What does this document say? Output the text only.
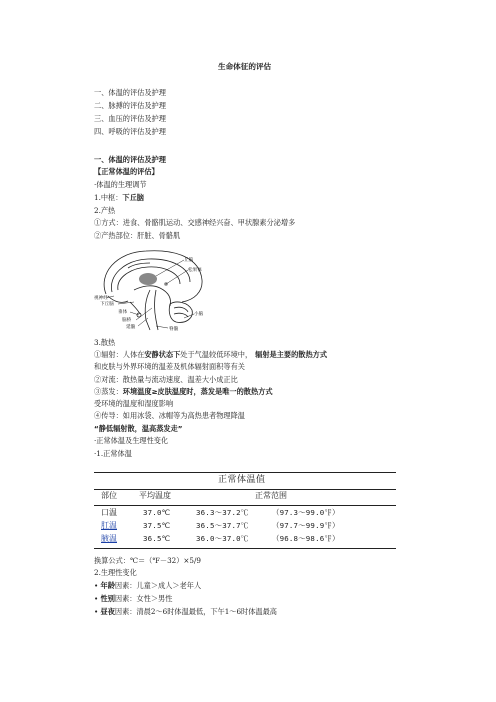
生命体征的评估
一、体温的评估及护理
二、脉搏的评估及护理
三、血压的评估及护理
四、呼吸的评估及护理
一、体温的评估及护理
【正常体温的评估】
·体温的生理调节
1.中枢：下丘脑
2.产热
①方式：进食、骨骼肌运动、交感神经兴奋、甲状腺素分泌增多
②产热部位：肝脏、骨骼肌
丘脑
松果体
视神经
下丘脑
垂体
脑桥
延髓
小脑
脊髓
3.散热
①辐射：人体在安静状态下处于气温较低环境中， 辐射是主要的散热方式
和皮肤与外界环境的温差及机体辐射面积等有关
②对流：散热量与流动速度、温差大小成正比
③蒸发：环境温度≥皮肤温度时，蒸发是唯一的散热方式
受环境的温度和湿度影响
④传导：如用冰袋、冰帽等为高热患者物理降温
“静低辐射散，温高蒸发走”
·正常体温及生理性变化
·1.正常体温
正常体温值
部位	平均温度	正常范围
口温	37.0℃	36.3～37.2℃	（97.3～99.0℉）
肛温	37.5℃	36.5～37.7℃	（97.7～99.9℉）
腋温	36.5℃	36.0～37.0℃	（96.8～98.6℉）
换算公式：℃＝（℉－32）×5/9
2.生理性变化
• 年龄因素：儿童＞成人＞老年人
• 性别因素：女性＞男性
• 昼夜因素：清晨2～6时体温最低，下午1～6时体温最高
